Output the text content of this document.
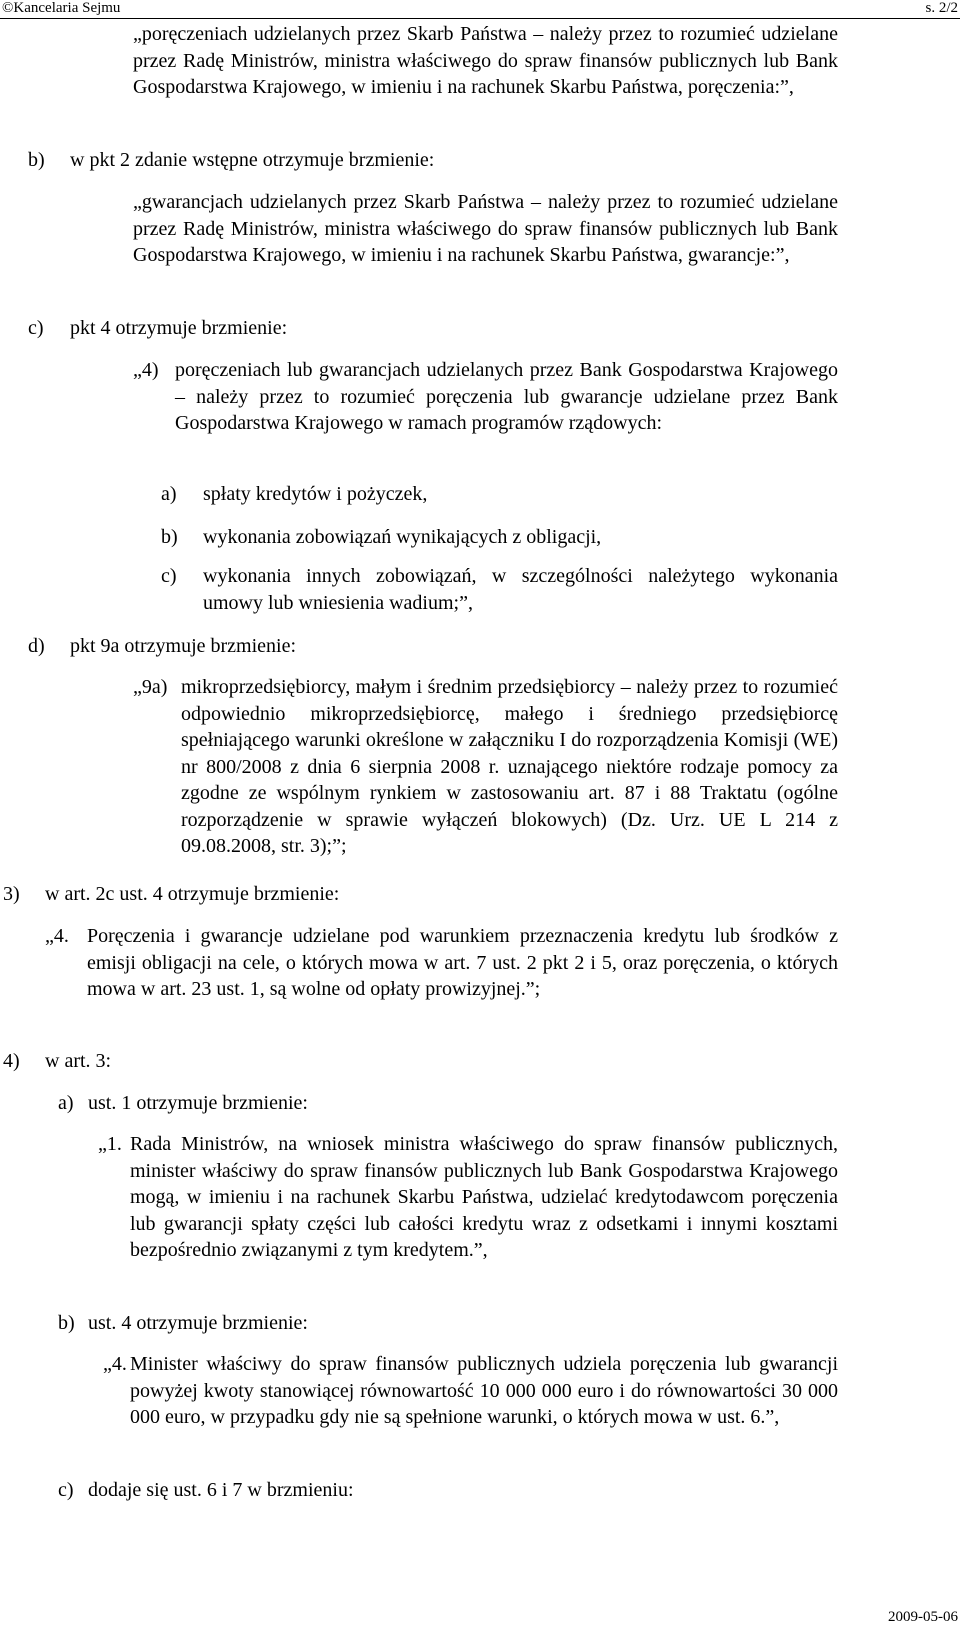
©Kancelaria Sejmu	s. 2/2
„poręczeniach udzielanych przez Skarb Państwa – należy przez to rozumieć udzielane przez Radę Ministrów, ministra właściwego do spraw finansów publicznych lub Bank Gospodarstwa Krajowego, w imieniu i na rachunek Skarbu Państwa, poręczenia:”,
b)	w pkt 2 zdanie wstępne otrzymuje brzmienie:
„gwarancjach udzielanych przez Skarb Państwa – należy przez to rozumieć udzielane przez Radę Ministrów, ministra właściwego do spraw finansów publicznych lub Bank Gospodarstwa Krajowego, w imieniu i na rachunek Skarbu Państwa, gwarancje:”,
c)	pkt 4 otrzymuje brzmienie:
„4) poręczeniach lub gwarancjach udzielanych przez Bank Gospodarstwa Krajowego – należy przez to rozumieć poręczenia lub gwarancje udzielane przez Bank Gospodarstwa Krajowego w ramach programów rządowych:
a)	spłaty kredytów i pożyczek,
b)	wykonania zobowiązań wynikających z obligacji,
c)	wykonania innych zobowiązań, w szczególności należytego wykonania umowy lub wniesienia wadium;”,
d)	pkt 9a otrzymuje brzmienie:
„9a) mikroprzedsiębiorcy, małym i średnim przedsiębiorcy – należy przez to rozumieć odpowiednio mikroprzedsiębiorcę, małego i średniego przedsiębiorcę spełniającego warunki określone w załączniku I do rozporządzenia Komisji (WE) nr 800/2008 z dnia 6 sierpnia 2008 r. uznającego niektóre rodzaje pomocy za zgodne ze wspólnym rynkiem w zastosowaniu art. 87 i 88 Traktatu (ogólne rozporządzenie w sprawie wyłączeń blokowych) (Dz. Urz. UE L 214 z 09.08.2008, str. 3);”;
3)	w art. 2c ust. 4 otrzymuje brzmienie:
„4. Poręczenia i gwarancje udzielane pod warunkiem przeznaczenia kredytu lub środków z emisji obligacji na cele, o których mowa w art. 7 ust. 2 pkt 2 i 5, oraz poręczenia, o których mowa w art. 23 ust. 1, są wolne od opłaty prowizyjnej.”;
4)	w art. 3:
a) ust. 1 otrzymuje brzmienie:
„1. Rada Ministrów, na wniosek ministra właściwego do spraw finansów publicznych, minister właściwy do spraw finansów publicznych lub Bank Gospodarstwa Krajowego mogą, w imieniu i na rachunek Skarbu Państwa, udzielać kredytodawcom poręczenia lub gwarancji spłaty części lub całości kredytu wraz z odsetkami i innymi kosztami bezpośrednio związanymi z tym kredytem.”,
b) ust. 4 otrzymuje brzmienie:
„4. Minister właściwy do spraw finansów publicznych udziela poręczenia lub gwarancji powyżej kwoty stanowiącej równowartość 10 000 000 euro i do równowartości 30 000 000 euro, w przypadku gdy nie są spełnione warunki, o których mowa w ust. 6.”,
c) dodaje się ust. 6 i 7 w brzmieniu:
2009-05-06
